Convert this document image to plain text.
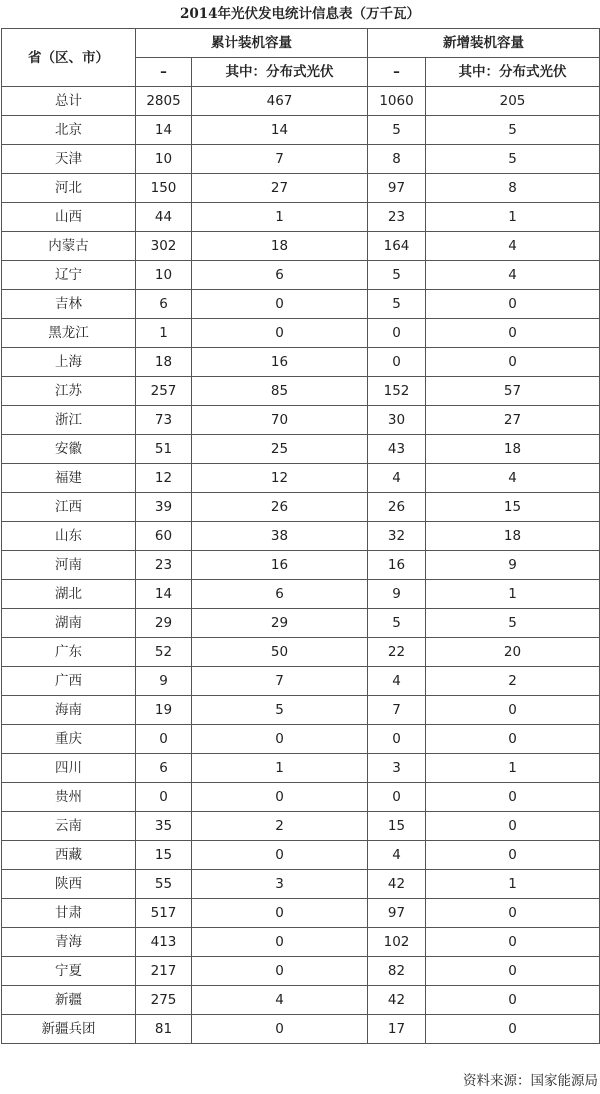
2014年光伏发电统计信息表（万千瓦）
省（区、市）	累计装机容量		新增装机容量	
	–	其中：分布式光伏	–	其中：分布式光伏
总计	2805	467	1060	205
北京	14	14	5	5
天津	10	7	8	5
河北	150	27	97	8
山西	44	1	23	1
内蒙古	302	18	164	4
辽宁	10	6	5	4
吉林	6	0	5	0
黑龙江	1	0	0	0
上海	18	16	0	0
江苏	257	85	152	57
浙江	73	70	30	27
安徽	51	25	43	18
福建	12	12	4	4
江西	39	26	26	15
山东	60	38	32	18
河南	23	16	16	9
湖北	14	6	9	1
湖南	29	29	5	5
广东	52	50	22	20
广西	9	7	4	2
海南	19	5	7	0
重庆	0	0	0	0
四川	6	1	3	1
贵州	0	0	0	0
云南	35	2	15	0
西藏	15	0	4	0
陕西	55	3	42	1
甘肃	517	0	97	0
青海	413	0	102	0
宁夏	217	0	82	0
新疆	275	4	42	0
新疆兵团	81	0	17	0
资料来源：国家能源局
